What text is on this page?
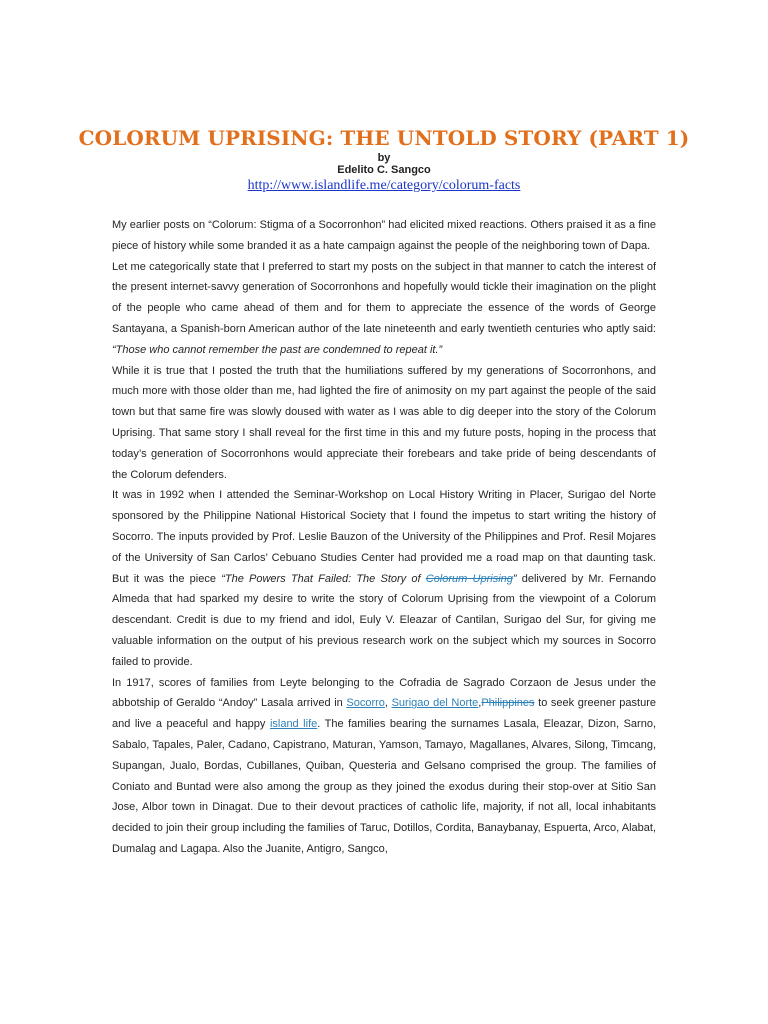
COLORUM UPRISING: THE UNTOLD STORY (PART 1)
by
Edelito C. Sangco
http://www.islandlife.me/category/colorum-facts

My earlier posts on “Colorum: Stigma of a Socorronhon” had elicited mixed reactions. Others praised it as a fine piece of history while some branded it as a hate campaign against the people of the neighboring town of Dapa.

Let me categorically state that I preferred to start my posts on the subject in that manner to catch the interest of the present internet-savvy generation of Socorronhons and hopefully would tickle their imagination on the plight of the people who came ahead of them and for them to appreciate the essence of the words of George Santayana, a Spanish-born American author of the late nineteenth and early twentieth centuries who aptly said: “Those who cannot remember the past are condemned to repeat it.”

While it is true that I posted the truth that the humiliations suffered by my generations of Socorronhons, and much more with those older than me, had lighted the fire of animosity on my part against the people of the said town but that same fire was slowly doused with water as I was able to dig deeper into the story of the Colorum Uprising. That same story I shall reveal for the first time in this and my future posts, hoping in the process that today’s generation of Socorronhons would appreciate their forebears and take pride of being descendants of the Colorum defenders.

It was in 1992 when I attended the Seminar-Workshop on Local History Writing in Placer, Surigao del Norte sponsored by the Philippine National Historical Society that I found the impetus to start writing the history of Socorro. The inputs provided by Prof. Leslie Bauzon of the University of the Philippines and Prof. Resil Mojares of the University of San Carlos’ Cebuano Studies Center had provided me a road map on that daunting task. But it was the piece “The Powers That Failed: The Story of Colorum Uprising” delivered by Mr. Fernando Almeda that had sparked my desire to write the story of Colorum Uprising from the viewpoint of a Colorum descendant. Credit is due to my friend and idol, Euly V. Eleazar of Cantilan, Surigao del Sur, for giving me valuable information on the output of his previous research work on the subject which my sources in Socorro failed to provide.

In 1917, scores of families from Leyte belonging to the Cofradia de Sagrado Corzaon de Jesus under the abbotship of Geraldo “Andoy” Lasala arrived in Socorro, Surigao del Norte,Philippines to seek greener pasture and live a peaceful and happy island life. The families bearing the surnames Lasala, Eleazar, Dizon, Sarno, Sabalo, Tapales, Paler, Cadano, Capistrano, Maturan, Yamson, Tamayo, Magallanes, Alvares, Silong, Timcang, Supangan, Jualo, Bordas, Cubillanes, Quiban, Questeria and Gelsano comprised the group. The families of Coniato and Buntad were also among the group as they joined the exodus during their stop-over at Sitio San Jose, Albor town in Dinagat. Due to their devout practices of catholic life, majority, if not all, local inhabitants decided to join their group including the families of Taruc, Dotillos, Cordita, Banaybanay, Espuerta, Arco, Alabat, Dumalag and Lagapa. Also the Juanite, Antigro, Sangco,
